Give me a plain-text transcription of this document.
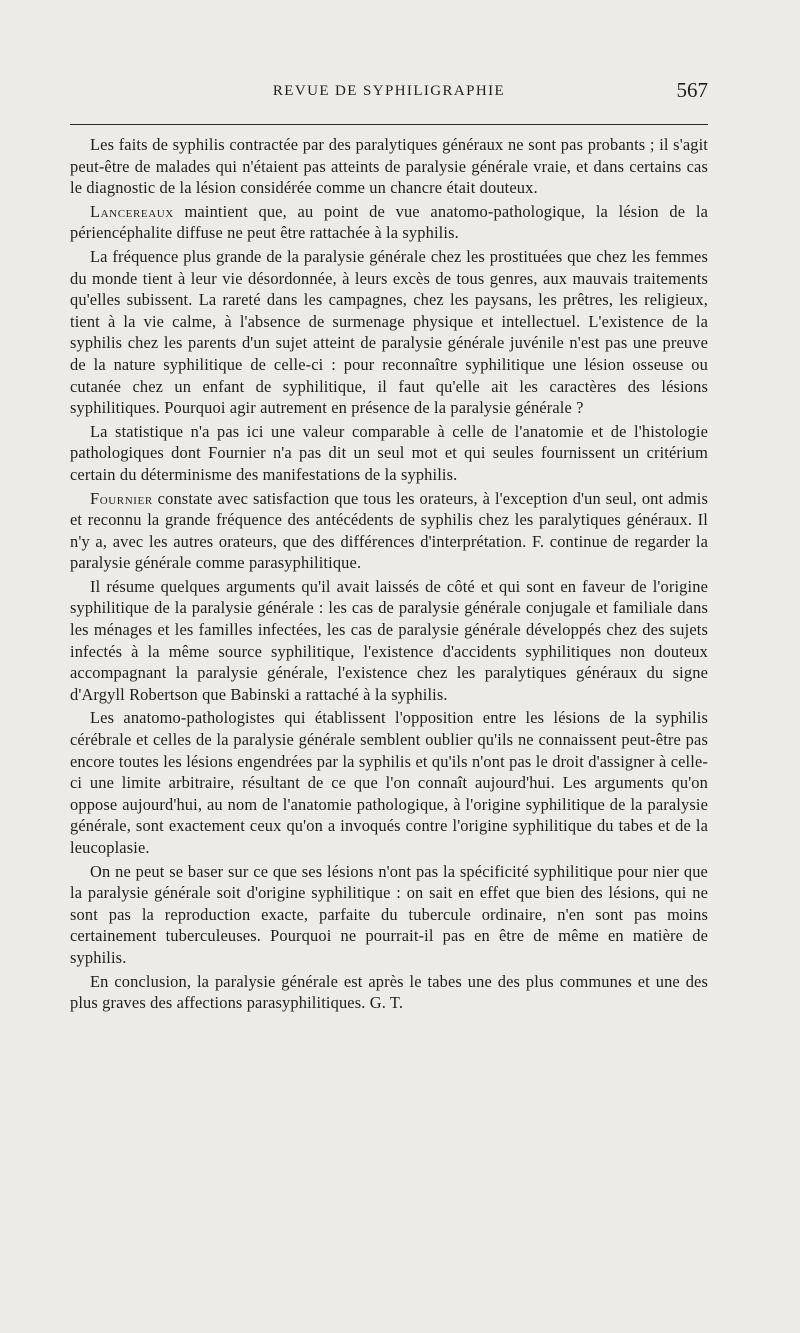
REVUE DE SYPHILIGRAPHIE	567

Les faits de syphilis contractée par des paralytiques généraux ne sont pas probants ; il s'agit peut-être de malades qui n'étaient pas atteints de paralysie générale vraie, et dans certains cas le diagnostic de la lésion considérée comme un chancre était douteux.

Lancereaux maintient que, au point de vue anatomo-pathologique, la lésion de la périencéphalite diffuse ne peut être rattachée à la syphilis.

La fréquence plus grande de la paralysie générale chez les prostituées que chez les femmes du monde tient à leur vie désordonnée, à leurs excès de tous genres, aux mauvais traitements qu'elles subissent. La rareté dans les campagnes, chez les paysans, les prêtres, les religieux, tient à la vie calme, à l'absence de surmenage physique et intellectuel. L'existence de la syphilis chez les parents d'un sujet atteint de paralysie générale juvénile n'est pas une preuve de la nature syphilitique de celle-ci : pour reconnaître syphilitique une lésion osseuse ou cutanée chez un enfant de syphilitique, il faut qu'elle ait les caractères des lésions syphilitiques. Pourquoi agir autrement en présence de la paralysie générale ?

La statistique n'a pas ici une valeur comparable à celle de l'anatomie et de l'histologie pathologiques dont Fournier n'a pas dit un seul mot et qui seules fournissent un critérium certain du déterminisme des manifestations de la syphilis.

Fournier constate avec satisfaction que tous les orateurs, à l'exception d'un seul, ont admis et reconnu la grande fréquence des antécédents de syphilis chez les paralytiques généraux. Il n'y a, avec les autres orateurs, que des différences d'interprétation. F. continue de regarder la paralysie générale comme parasyphilitique.

Il résume quelques arguments qu'il avait laissés de côté et qui sont en faveur de l'origine syphilitique de la paralysie générale : les cas de paralysie générale conjugale et familiale dans les ménages et les familles infectées, les cas de paralysie générale développés chez des sujets infectés à la même source syphilitique, l'existence d'accidents syphilitiques non douteux accompagnant la paralysie générale, l'existence chez les paralytiques généraux du signe d'Argyll Robertson que Babinski a rattaché à la syphilis.

Les anatomo-pathologistes qui établissent l'opposition entre les lésions de la syphilis cérébrale et celles de la paralysie générale semblent oublier qu'ils ne connaissent peut-être pas encore toutes les lésions engendrées par la syphilis et qu'ils n'ont pas le droit d'assigner à celle-ci une limite arbitraire, résultant de ce que l'on connaît aujourd'hui. Les arguments qu'on oppose aujourd'hui, au nom de l'anatomie pathologique, à l'origine syphilitique de la paralysie générale, sont exactement ceux qu'on a invoqués contre l'origine syphilitique du tabes et de la leucoplasie.

On ne peut se baser sur ce que ses lésions n'ont pas la spécificité syphilitique pour nier que la paralysie générale soit d'origine syphilitique : on sait en effet que bien des lésions, qui ne sont pas la reproduction exacte, parfaite du tubercule ordinaire, n'en sont pas moins certainement tuberculeuses. Pourquoi ne pourrait-il pas en être de même en matière de syphilis.

En conclusion, la paralysie générale est après le tabes une des plus communes et une des plus graves des affections parasyphilitiques. G. T.
